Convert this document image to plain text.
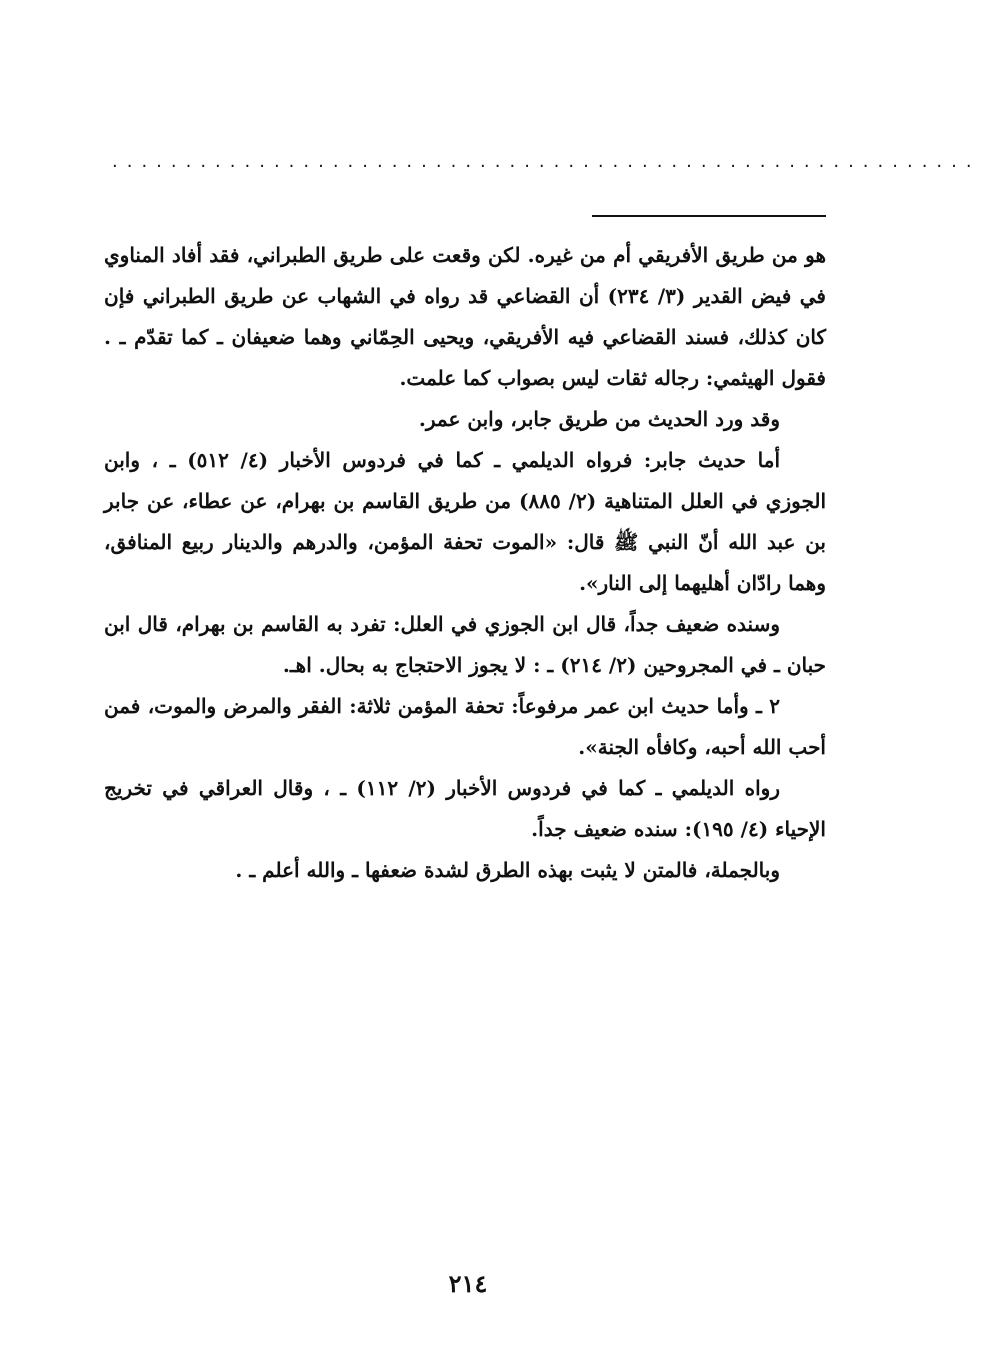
...........................................................

هو من طريق الأفريقي أم من غيره. لكن وقعت على طريق الطبراني، فقد أفاد المناوي في فيض القدير (٣/ ٢٣٤) أن القضاعي قد رواه في الشهاب عن طريق الطبراني فإن كان كذلك، فسند القضاعي فيه الأفريقي، ويحيى الحِمّاني وهما ضعيفان ـ كما تقدّم ـ . فقول الهيثمي: رجاله ثقات ليس بصواب كما علمت.

وقد ورد الحديث من طريق جابر، وابن عمر.

أما حديث جابر: فرواه الديلمي ـ كما في فردوس الأخبار (٤/ ٥١٢) ـ ، وابن الجوزي في العلل المتناهية (٢/ ٨٨٥) من طريق القاسم بن بهرام، عن عطاء، عن جابر بن عبد الله أنّ النبي ﷺ قال: «الموت تحفة المؤمن، والدرهم والدينار ربيع المنافق، وهما رادّان أهليهما إلى النار».

وسنده ضعيف جداً، قال ابن الجوزي في العلل: تفرد به القاسم بن بهرام، قال ابن حبان ـ في المجروحين (٢/ ٢١٤) ـ : لا يجوز الاحتجاج به بحال. اهـ.

٢ ـ وأما حديث ابن عمر مرفوعاً: تحفة المؤمن ثلاثة: الفقر والمرض والموت، فمن أحب الله أحبه، وكافأه الجنة».

رواه الديلمي ـ كما في فردوس الأخبار (٢/ ١١٢) ـ ، وقال العراقي في تخريج الإحياء (٤/ ١٩٥): سنده ضعيف جداً.

وبالجملة، فالمتن لا يثبت بهذه الطرق لشدة ضعفها ـ والله أعلم ـ .

٢١٤
